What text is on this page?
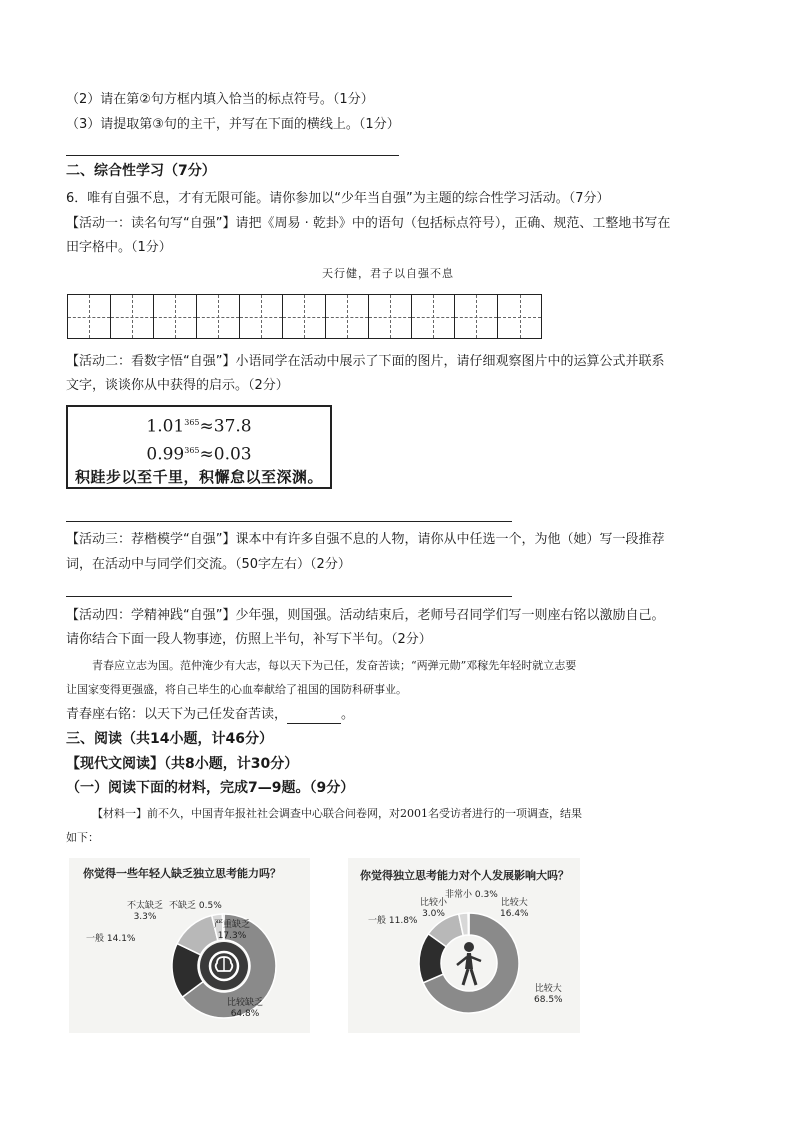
（2）请在第②句方框内填入恰当的标点符号。（1分）
（3）请提取第③句的主干，并写在下面的横线上。（1分）
二、综合性学习（7分）
6．唯有自强不息，才有无限可能。请你参加以“少年当自强”为主题的综合性学习活动。（7分）
【活动一：读名句写“自强”】请把《周易 · 乾卦》中的语句（包括标点符号），正确、规范、工整地书写在
田字格中。（1分）
天行健，君子以自强不息
【活动二：看数字悟“自强”】小语同学在活动中展示了下面的图片，请仔细观察图片中的运算公式并联系
文字，谈谈你从中获得的启示。（2分）
$1.01^{365}\approx 37.8$
$0.99^{365}\approx 0.03$
积跬步以至千里，积懈怠以至深渊。
【活动三：荐楷模学“自强”】课本中有许多自强不息的人物，请你从中任选一个，为他（她）写一段推荐
词，在活动中与同学们交流。（50字左右）（2分）
【活动四：学精神践“自强”】少年强，则国强。活动结束后，老师号召同学们写一则座右铭以激励自己。
请你结合下面一段人物事迹，仿照上半句，补写下半句。（2分）
青春应立志为国。范仲淹少有大志，每以天下为己任，发奋苦读；“两弹元勋”邓稼先年轻时就立志要
让国家变得更强盛，将自己毕生的心血奉献给了祖国的国防科研事业。
青春座右铭：以天下为己任发奋苦读，	。
三、阅读（共14小题，计46分）
【现代文阅读】（共8小题，计30分）
（一）阅读下面的材料，完成7—9题。（9分）
【材料一】前不久，中国青年报社社会调查中心联合问卷网，对2001名受访者进行的一项调查，结果
如下：
你觉得一些年轻人缺乏独立思考能力吗？
不太缺乏
3.3%
不缺乏 0.5%
严重缺乏
17.3%
一般 14.1%
比较缺乏
64.8%
你觉得独立思考能力对个人发展影响大吗？
非常小 0.3%
比较小
3.0%
比较大
16.4%
一般 11.8%
比较大
68.5%
